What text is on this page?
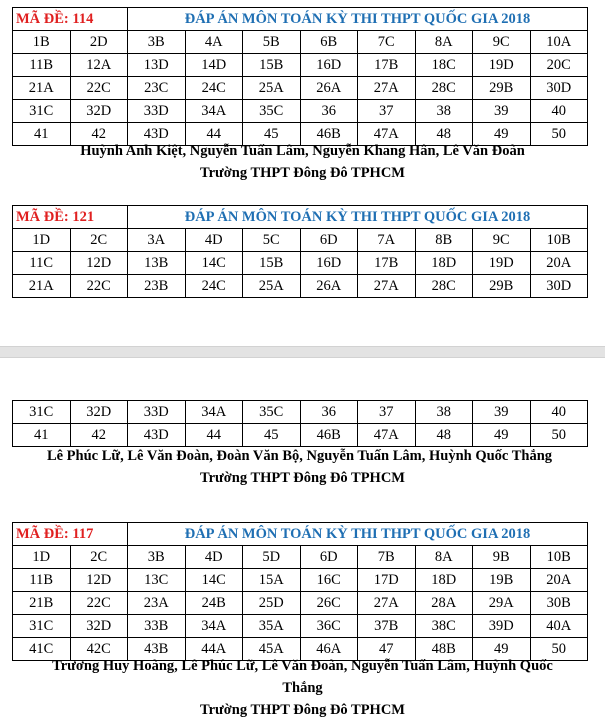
MÃ ĐỀ: 114		ĐÁP ÁN MÔN TOÁN KỲ THI THPT QUỐC GIA 2018							
1B	2D	3B	4A	5B	6B	7C	8A	9C	10A
11B	12A	13D	14D	15B	16D	17B	18C	19D	20C
21A	22C	23C	24C	25A	26A	27A	28C	29B	30D
31C	32D	33D	34A	35C	36	37	38	39	40
41	42	43D	44	45	46B	47A	48	49	50
Huỳnh Anh Kiệt, Nguyễn Tuấn Lâm, Nguyễn Khang Hân, Lê Văn Đoàn
Trường THPT Đông Đô TPHCM
MÃ ĐỀ: 121		ĐÁP ÁN MÔN TOÁN KỲ THI THPT QUỐC GIA 2018							
1D	2C	3A	4D	5C	6D	7A	8B	9C	10B
11C	12D	13B	14C	15B	16D	17B	18D	19D	20A
21A	22C	23B	24C	25A	26A	27A	28C	29B	30D
31C	32D	33D	34A	35C	36	37	38	39	40
41	42	43D	44	45	46B	47A	48	49	50
Lê Phúc Lữ, Lê Văn Đoàn, Đoàn Văn Bộ, Nguyễn Tuấn Lâm, Huỳnh Quốc Thắng
Trường THPT Đông Đô TPHCM
MÃ ĐỀ: 117		ĐÁP ÁN MÔN TOÁN KỲ THI THPT QUỐC GIA 2018							
1D	2C	3B	4D	5D	6D	7B	8A	9B	10B
11B	12D	13C	14C	15A	16C	17D	18D	19B	20A
21B	22C	23A	24B	25D	26C	27A	28A	29A	30B
31C	32D	33B	34A	35A	36C	37B	38C	39D	40A
41C	42C	43B	44A	45A	46A	47	48B	49	50
Trương Huy Hoàng, Lê Phúc Lữ, Lê Văn Đoàn, Nguyễn Tuấn Lâm, Huỳnh Quốc
Thắng
Trường THPT Đông Đô TPHCM
